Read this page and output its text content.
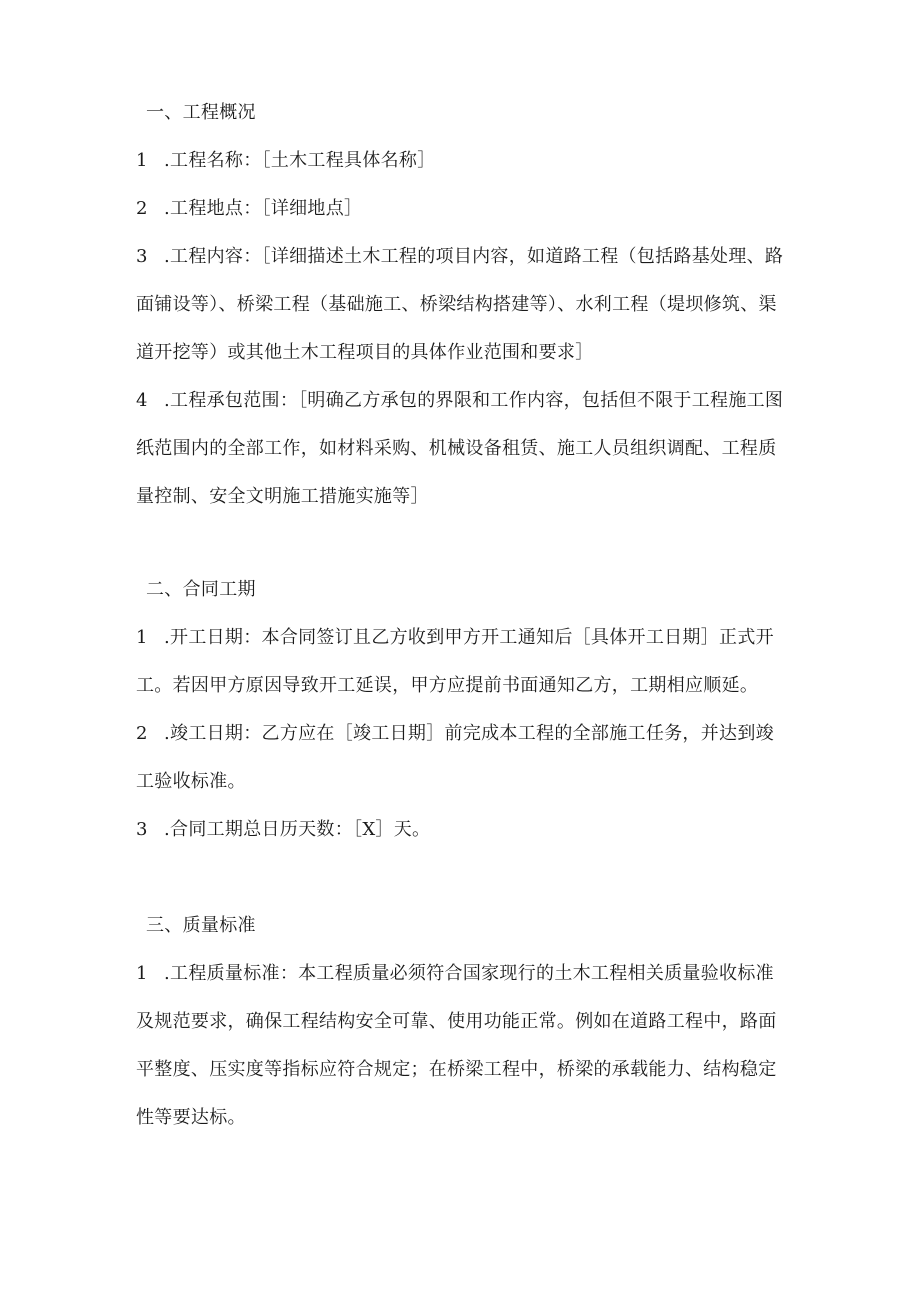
一、工程概况

1 .工程名称：［土木工程具体名称］

2 .工程地点：［详细地点］

3 .工程内容：［详细描述土木工程的项目内容，如道路工程（包括路基处理、路面铺设等）、桥梁工程（基础施工、桥梁结构搭建等）、水利工程（堤坝修筑、渠道开挖等）或其他土木工程项目的具体作业范围和要求］

4 .工程承包范围：［明确乙方承包的界限和工作内容，包括但不限于工程施工图纸范围内的全部工作，如材料采购、机械设备租赁、施工人员组织调配、工程质量控制、安全文明施工措施实施等］

二、合同工期

1 .开工日期：本合同签订且乙方收到甲方开工通知后［具体开工日期］正式开工。若因甲方原因导致开工延误，甲方应提前书面通知乙方，工期相应顺延。

2 .竣工日期：乙方应在［竣工日期］前完成本工程的全部施工任务，并达到竣工验收标准。

3 .合同工期总日历天数：［X］天。

三、质量标准

1 .工程质量标准：本工程质量必须符合国家现行的土木工程相关质量验收标准及规范要求，确保工程结构安全可靠、使用功能正常。例如在道路工程中，路面平整度、压实度等指标应符合规定；在桥梁工程中，桥梁的承载能力、结构稳定性等要达标。
